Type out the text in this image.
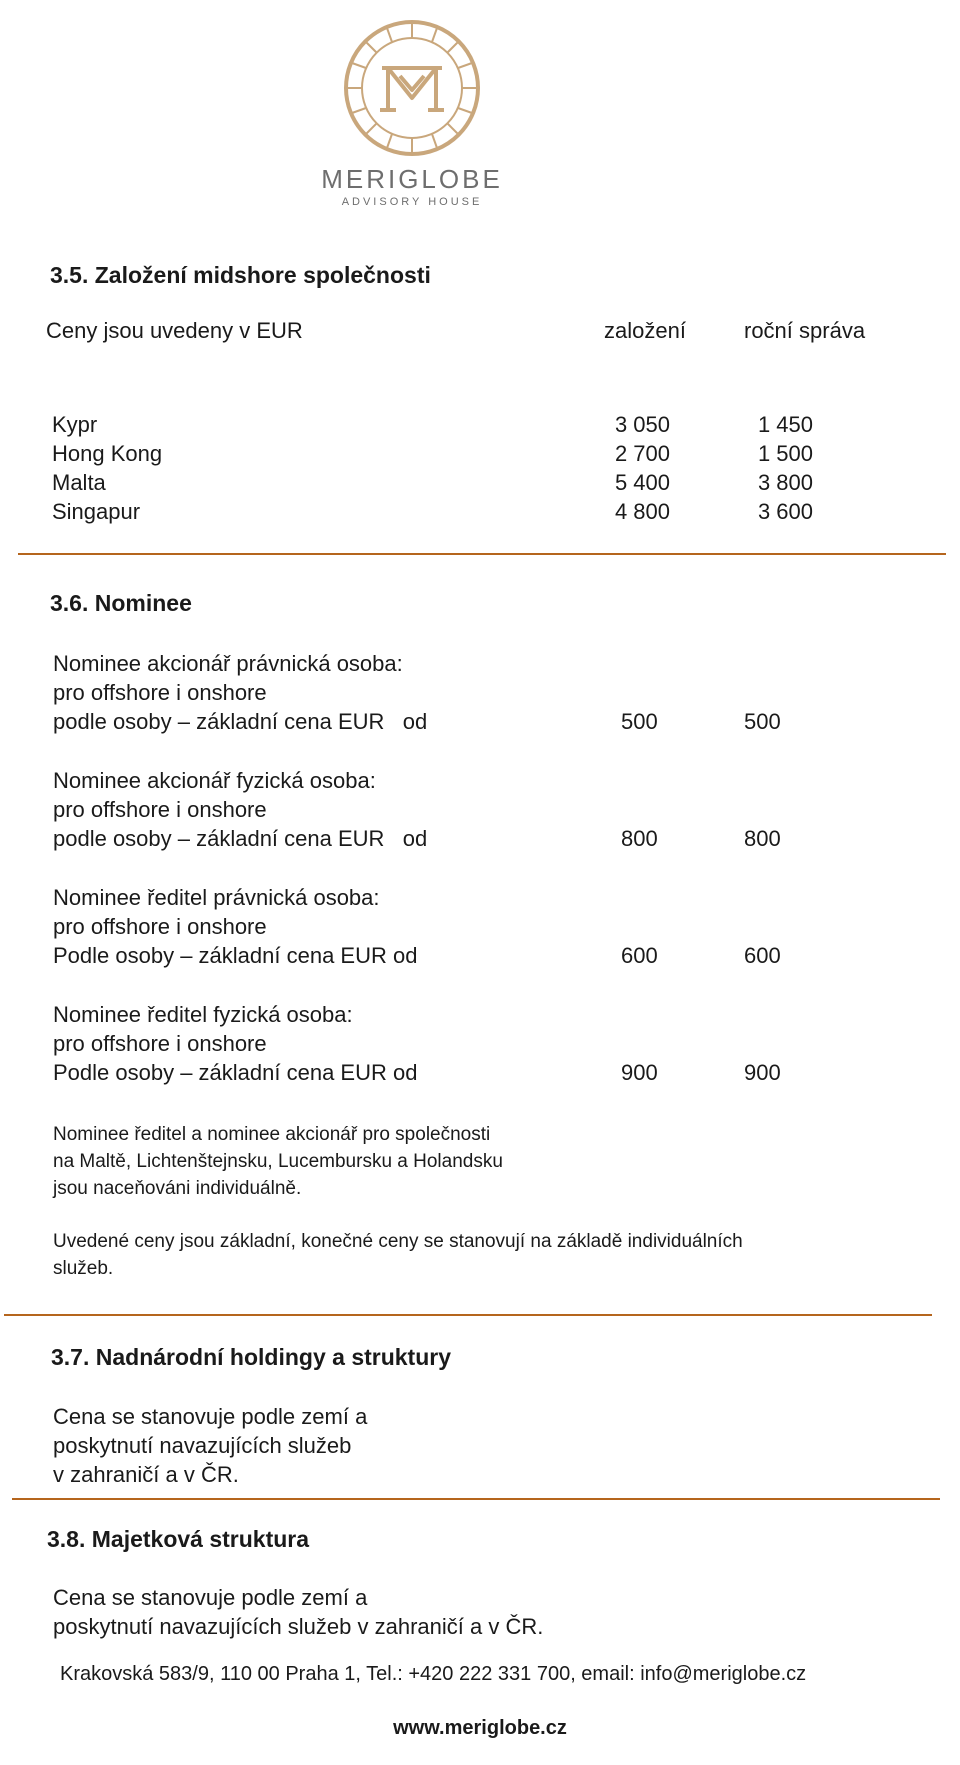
MERIGLOBE
ADVISORY HOUSE
3.5. Založení midshore společnosti
Ceny jsou uvedeny v EUR	založení	roční správa
Kypr	3 050	1 450
Hong Kong	2 700	1 500
Malta	5 400	3 800
Singapur	4 800	3 600
3.6. Nominee
Nominee akcionář právnická osoba:
pro offshore i onshore
podle osoby – základní cena EUR   od	500	500
Nominee akcionář fyzická osoba:
pro offshore i onshore
podle osoby – základní cena EUR   od	800	800
Nominee ředitel právnická osoba:
pro offshore i onshore
Podle osoby – základní cena EUR od	600	600
Nominee ředitel fyzická osoba:
pro offshore i onshore
Podle osoby – základní cena EUR od	900	900
Nominee ředitel a nominee akcionář pro společnosti
na Maltě, Lichtenštejnsku, Lucembursku a Holandsku
jsou naceňováni individuálně.
Uvedené ceny jsou základní, konečné ceny se stanovují na základě individuálních
služeb.
3.7. Nadnárodní holdingy a struktury
Cena se stanovuje podle zemí a
poskytnutí navazujících služeb
v zahraničí a v ČR.
3.8. Majetková struktura
Cena se stanovuje podle zemí a
poskytnutí navazujících služeb v zahraničí a v ČR.
Krakovská 583/9, 110 00 Praha 1, Tel.: +420 222 331 700, email: info@meriglobe.cz
www.meriglobe.cz
